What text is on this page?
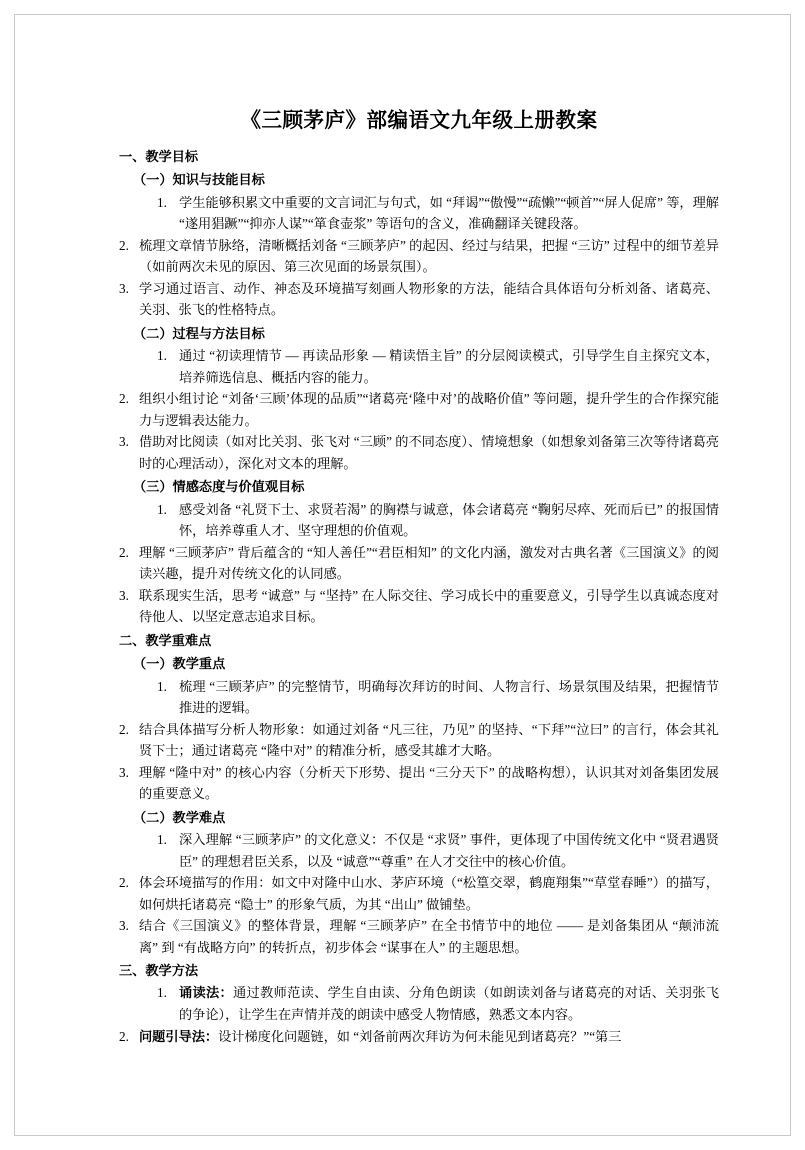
《三顾茅庐》部编语文九年级上册教案
一、教学目标
（一）知识与技能目标
1. 学生能够积累文中重要的文言词汇与句式，如 “拜谒”“傲慢”“疏懒”“顿首”“屏人促席” 等，理解 “遂用猖蹶”“抑亦人谋”“箪食壶浆” 等语句的含义，准确翻译关键段落。
2. 梳理文章情节脉络，清晰概括刘备 “三顾茅庐” 的起因、经过与结果，把握 “三访” 过程中的细节差异（如前两次未见的原因、第三次见面的场景氛围）。
3. 学习通过语言、动作、神态及环境描写刻画人物形象的方法，能结合具体语句分析刘备、诸葛亮、关羽、张飞的性格特点。
（二）过程与方法目标
1. 通过 “初读理情节 — 再读品形象 — 精读悟主旨” 的分层阅读模式，引导学生自主探究文本，培养筛选信息、概括内容的能力。
2. 组织小组讨论 “刘备‘三顾’体现的品质”“诸葛亮‘隆中对’的战略价值” 等问题，提升学生的合作探究能力与逻辑表达能力。
3. 借助对比阅读（如对比关羽、张飞对 “三顾” 的不同态度）、情境想象（如想象刘备第三次等待诸葛亮时的心理活动），深化对文本的理解。
（三）情感态度与价值观目标
1. 感受刘备 “礼贤下士、求贤若渴” 的胸襟与诚意，体会诸葛亮 “鞠躬尽瘁、死而后已” 的报国情怀，培养尊重人才、坚守理想的价值观。
2. 理解 “三顾茅庐” 背后蕴含的 “知人善任”“君臣相知” 的文化内涵，激发对古典名著《三国演义》的阅读兴趣，提升对传统文化的认同感。
3. 联系现实生活，思考 “诚意” 与 “坚持” 在人际交往、学习成长中的重要意义，引导学生以真诚态度对待他人、以坚定意志追求目标。
二、教学重难点
（一）教学重点
1. 梳理 “三顾茅庐” 的完整情节，明确每次拜访的时间、人物言行、场景氛围及结果，把握情节推进的逻辑。
2. 结合具体描写分析人物形象：如通过刘备 “凡三往，乃见” 的坚持、“下拜”“泣曰” 的言行，体会其礼贤下士；通过诸葛亮 “隆中对” 的精准分析，感受其雄才大略。
3. 理解 “隆中对” 的核心内容（分析天下形势、提出 “三分天下” 的战略构想），认识其对刘备集团发展的重要意义。
（二）教学难点
1. 深入理解 “三顾茅庐” 的文化意义：不仅是 “求贤” 事件，更体现了中国传统文化中 “贤君遇贤臣” 的理想君臣关系，以及 “诚意”“尊重” 在人才交往中的核心价值。
2. 体会环境描写的作用：如文中对隆中山水、茅庐环境（“松篁交翠，鹤鹿翔集”“草堂春睡”）的描写，如何烘托诸葛亮 “隐士” 的形象气质，为其 “出山” 做铺垫。
3. 结合《三国演义》的整体背景，理解 “三顾茅庐” 在全书情节中的地位 —— 是刘备集团从 “颠沛流离” 到 “有战略方向” 的转折点，初步体会 “谋事在人” 的主题思想。
三、教学方法
1. 诵读法：通过教师范读、学生自由读、分角色朗读（如朗读刘备与诸葛亮的对话、关羽张飞的争论），让学生在声情并茂的朗读中感受人物情感，熟悉文本内容。
2. 问题引导法：设计梯度化问题链，如 “刘备前两次拜访为何未能见到诸葛亮？”“第三
